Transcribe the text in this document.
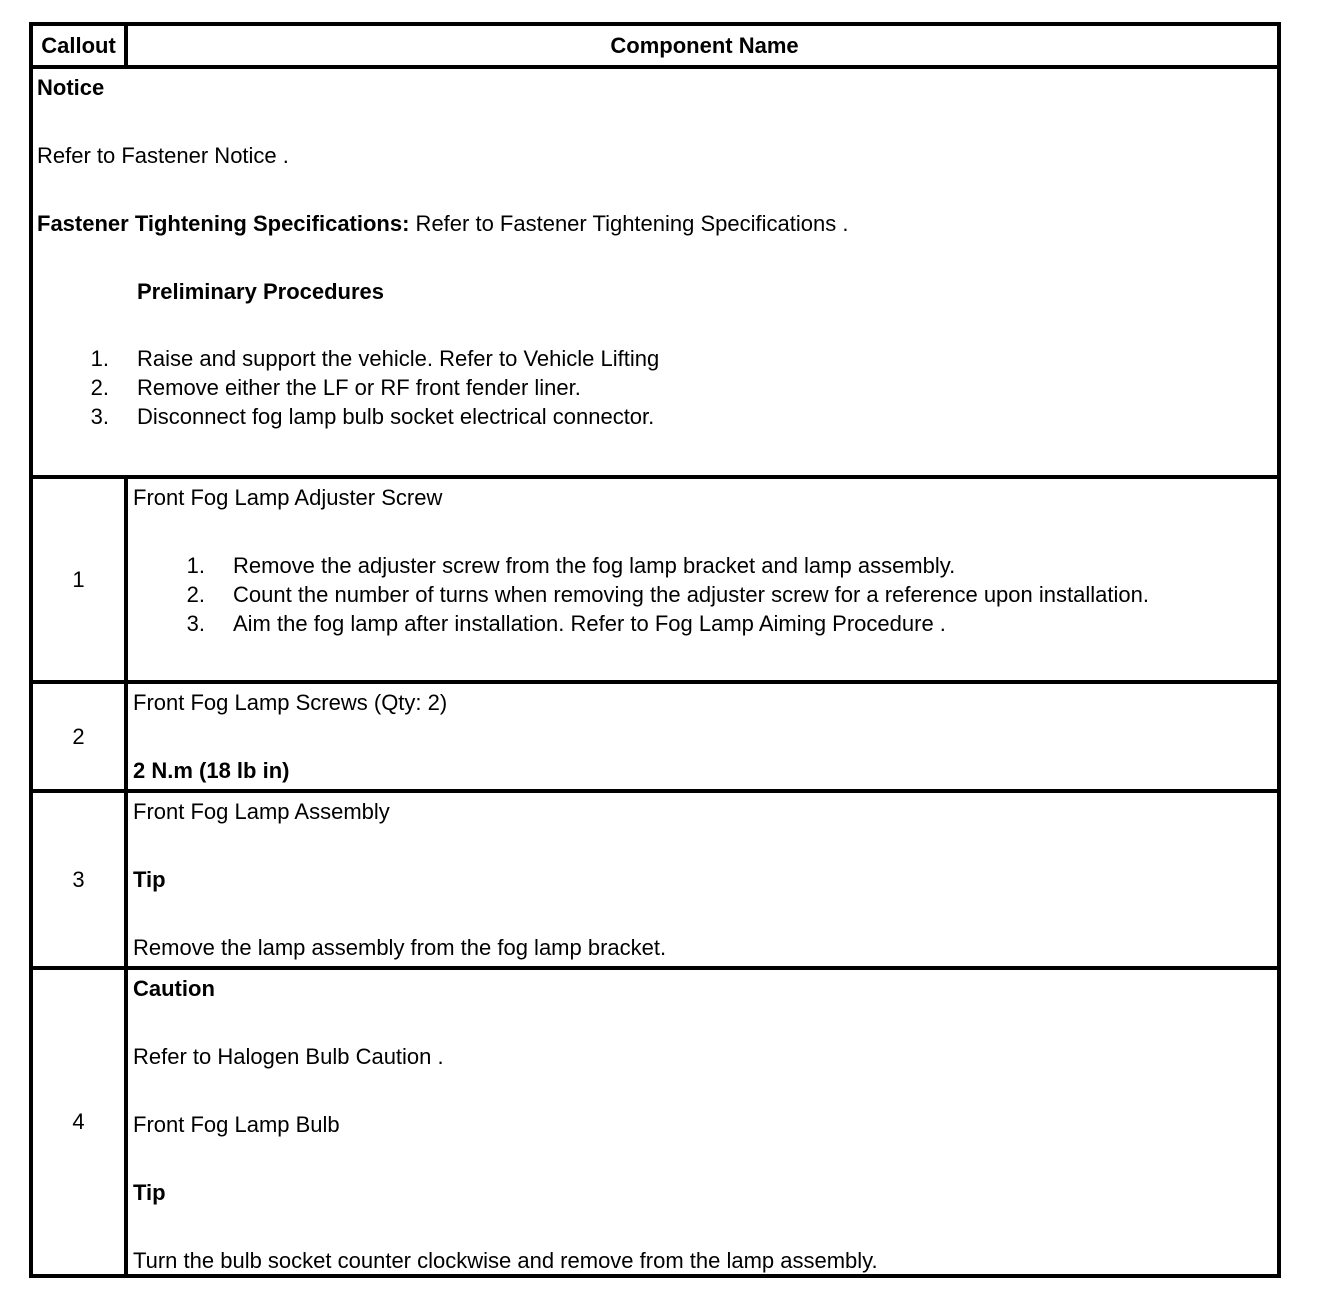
Callout	Component Name
Notice
Refer to Fastener Notice .
Fastener Tightening Specifications: Refer to Fastener Tightening Specifications .
Preliminary Procedures
1. Raise and support the vehicle. Refer to Vehicle Lifting
2. Remove either the LF or RF front fender liner.
3. Disconnect fog lamp bulb socket electrical connector.
1
Front Fog Lamp Adjuster Screw
1. Remove the adjuster screw from the fog lamp bracket and lamp assembly.
2. Count the number of turns when removing the adjuster screw for a reference upon installation.
3. Aim the fog lamp after installation. Refer to Fog Lamp Aiming Procedure .
2
Front Fog Lamp Screws (Qty: 2)
2 N.m (18 lb in)
3
Front Fog Lamp Assembly
Tip
Remove the lamp assembly from the fog lamp bracket.
4
Caution
Refer to Halogen Bulb Caution .
Front Fog Lamp Bulb
Tip
Turn the bulb socket counter clockwise and remove from the lamp assembly.
